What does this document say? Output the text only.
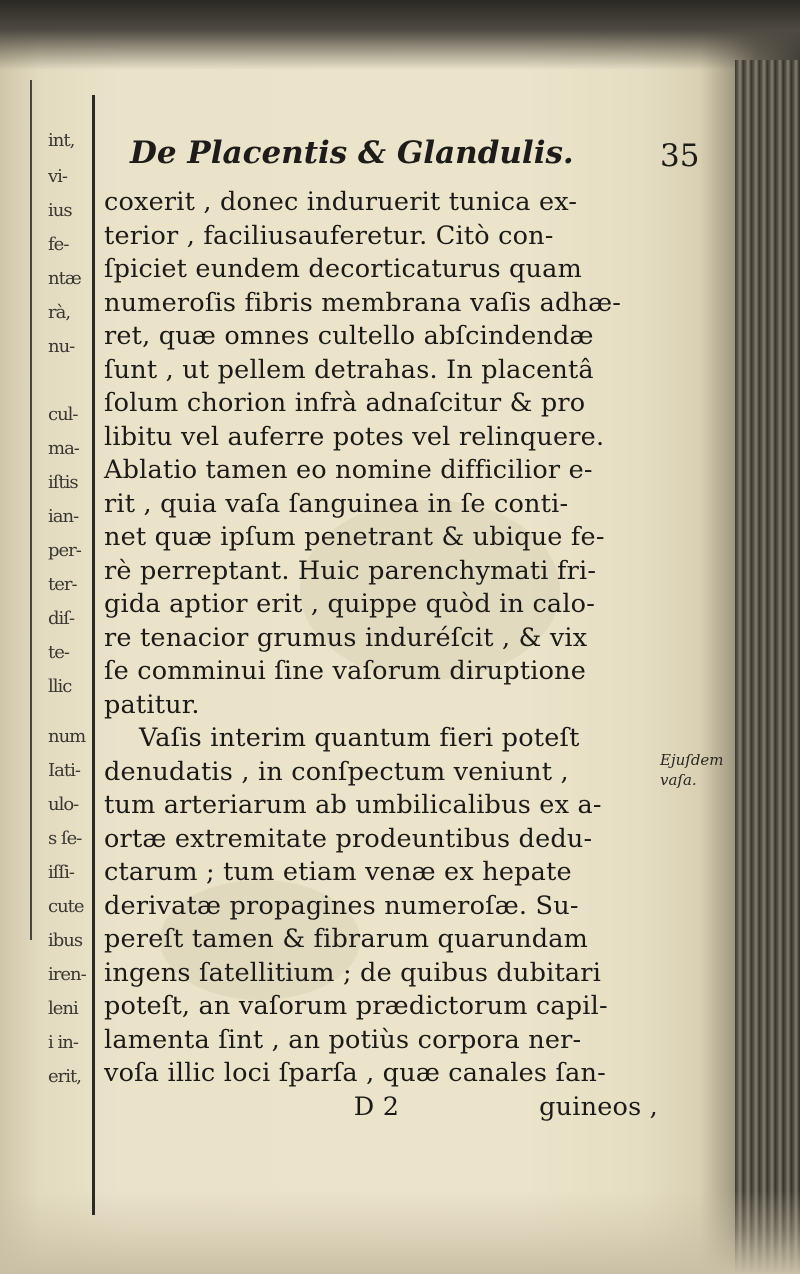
int,
vi-
ius
fe-
ntæ
rà,
nu-
cul-
ma-
iſtis
ian-
per-
ter-
diſ-
te-
llic
num
Iati-
ulo-
s ſe-
iſſi-
cute
ibus
iren-
leni
i in-
erit,
De Placentis & Glandulis.	35
coxerit , donec induruerit tunica ex-
terior , faciliusauferetur. Citò con-
ſpiciet eundem decorticaturus quam
numeroſis fibris membrana vaſis adhæ-
ret, quæ omnes cultello abſcindendæ
ſunt , ut pellem detrahas. In placentâ
ſolum chorion infrà adnaſcitur & pro
libitu vel auferre potes vel relinquere.
Ablatio tamen eo nomine difficilior e-
rit , quia vaſa ſanguinea in ſe conti-
net quæ ipſum penetrant & ubique fe-
rè perreptant. Huic parenchymati fri-
gida aptior erit , quippe quòd in calo-
re tenacior grumus induréſcit , & vix
ſe comminui ſine vaſorum diruptione
patitur.
Vaſis interim quantum fieri poteſt
denudatis , in conſpectum veniunt ,
tum arteriarum ab umbilicalibus ex a-
ortæ extremitate prodeuntibus dedu-
ctarum ; tum etiam venæ ex hepate
derivatæ propagines numeroſæ. Su-
pereſt tamen & fibrarum quarundam
ingens ſatellitium ; de quibus dubitari
poteſt, an vaſorum prædictorum capil-
lamenta ſint , an potiùs corpora ner-
voſa illic loci ſparſa , quæ canales ſan-
D 2	guineos ,
Ejuſdem
vaſa.
